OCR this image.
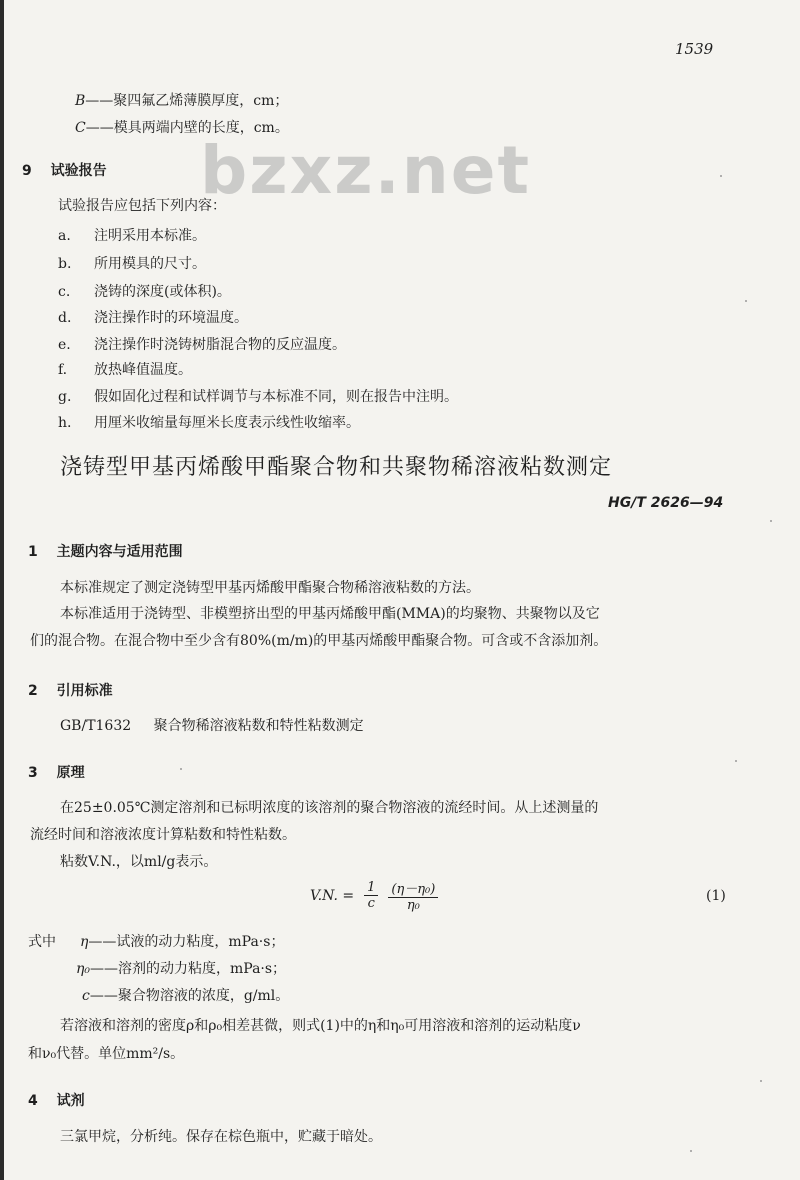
1539
B——聚四氟乙烯薄膜厚度，cm；
C——模具两端内壁的长度，cm。
bzxz.net
9 试验报告
试验报告应包括下列内容：
a. 注明采用本标准。
b. 所用模具的尺寸。
c. 浇铸的深度(或体积)。
d. 浇注操作时的环境温度。
e. 浇注操作时浇铸树脂混合物的反应温度。
f. 放热峰值温度。
g. 假如固化过程和试样调节与本标准不同，则在报告中注明。
h. 用厘米收缩量每厘米长度表示线性收缩率。
浇铸型甲基丙烯酸甲酯聚合物和共聚物稀溶液粘数测定
HG/T 2626—94
1 主题内容与适用范围
本标准规定了测定浇铸型甲基丙烯酸甲酯聚合物稀溶液粘数的方法。
本标准适用于浇铸型、非模塑挤出型的甲基丙烯酸甲酯(MMA)的均聚物、共聚物以及它
们的混合物。在混合物中至少含有80%(m/m)的甲基丙烯酸甲酯聚合物。可含或不含添加剂。
2 引用标准
GB/T1632 聚合物稀溶液粘数和特性粘数测定
3 原理
在25±0.05℃测定溶剂和已标明浓度的该溶剂的聚合物溶液的流经时间。从上述测量的
流经时间和溶液浓度计算粘数和特性粘数。
粘数V.N.，以ml/g表示。
V.N. = $\frac{1}{c} \frac{\text{(η－η₀)}}{\text{η₀}}$	(1)
式中 η——试液的动力粘度，mPa·s；
η₀——溶剂的动力粘度，mPa·s；
c——聚合物溶液的浓度，g/ml。
若溶液和溶剂的密度ρ和ρ₀相差甚微，则式(1)中的η和η₀可用溶液和溶剂的运动粘度ν
和ν₀代替。单位mm²/s。
4 试剂
三氯甲烷，分析纯。保存在棕色瓶中，贮藏于暗处。
